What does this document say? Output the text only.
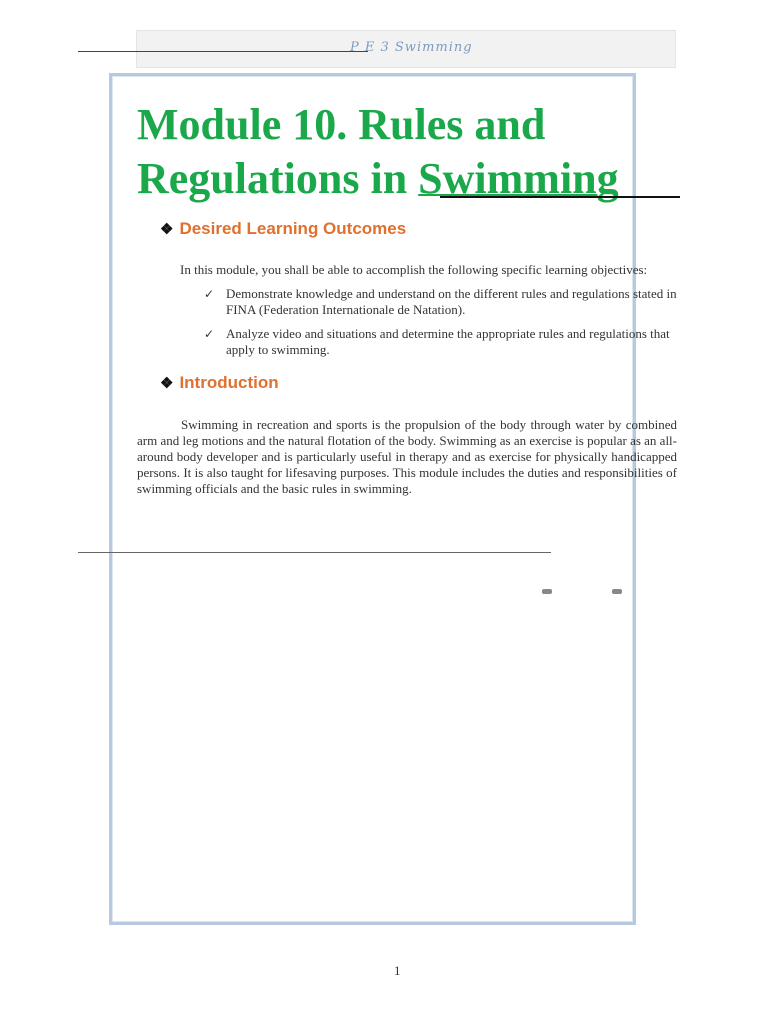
P E 3 Swimming
Module 10. Rules and
Regulations in Swimming
❖ Desired Learning Outcomes

In this module, you shall be able to accomplish the following specific learning objectives:

✓ Demonstrate knowledge and understand on the different rules and regulations stated in FINA (Federation Internationale de Natation).
✓ Analyze video and situations and determine the appropriate rules and regulations that apply to swimming.
❖ Introduction

Swimming in recreation and sports is the propulsion of the body through water by combined arm and leg motions and the natural flotation of the body. Swimming as an exercise is popular as an all-around body developer and is particularly useful in therapy and as exercise for physically handicapped persons. It is also taught for lifesaving purposes. This module includes the duties and responsibilities of swimming officials and the basic rules in swimming.

1
